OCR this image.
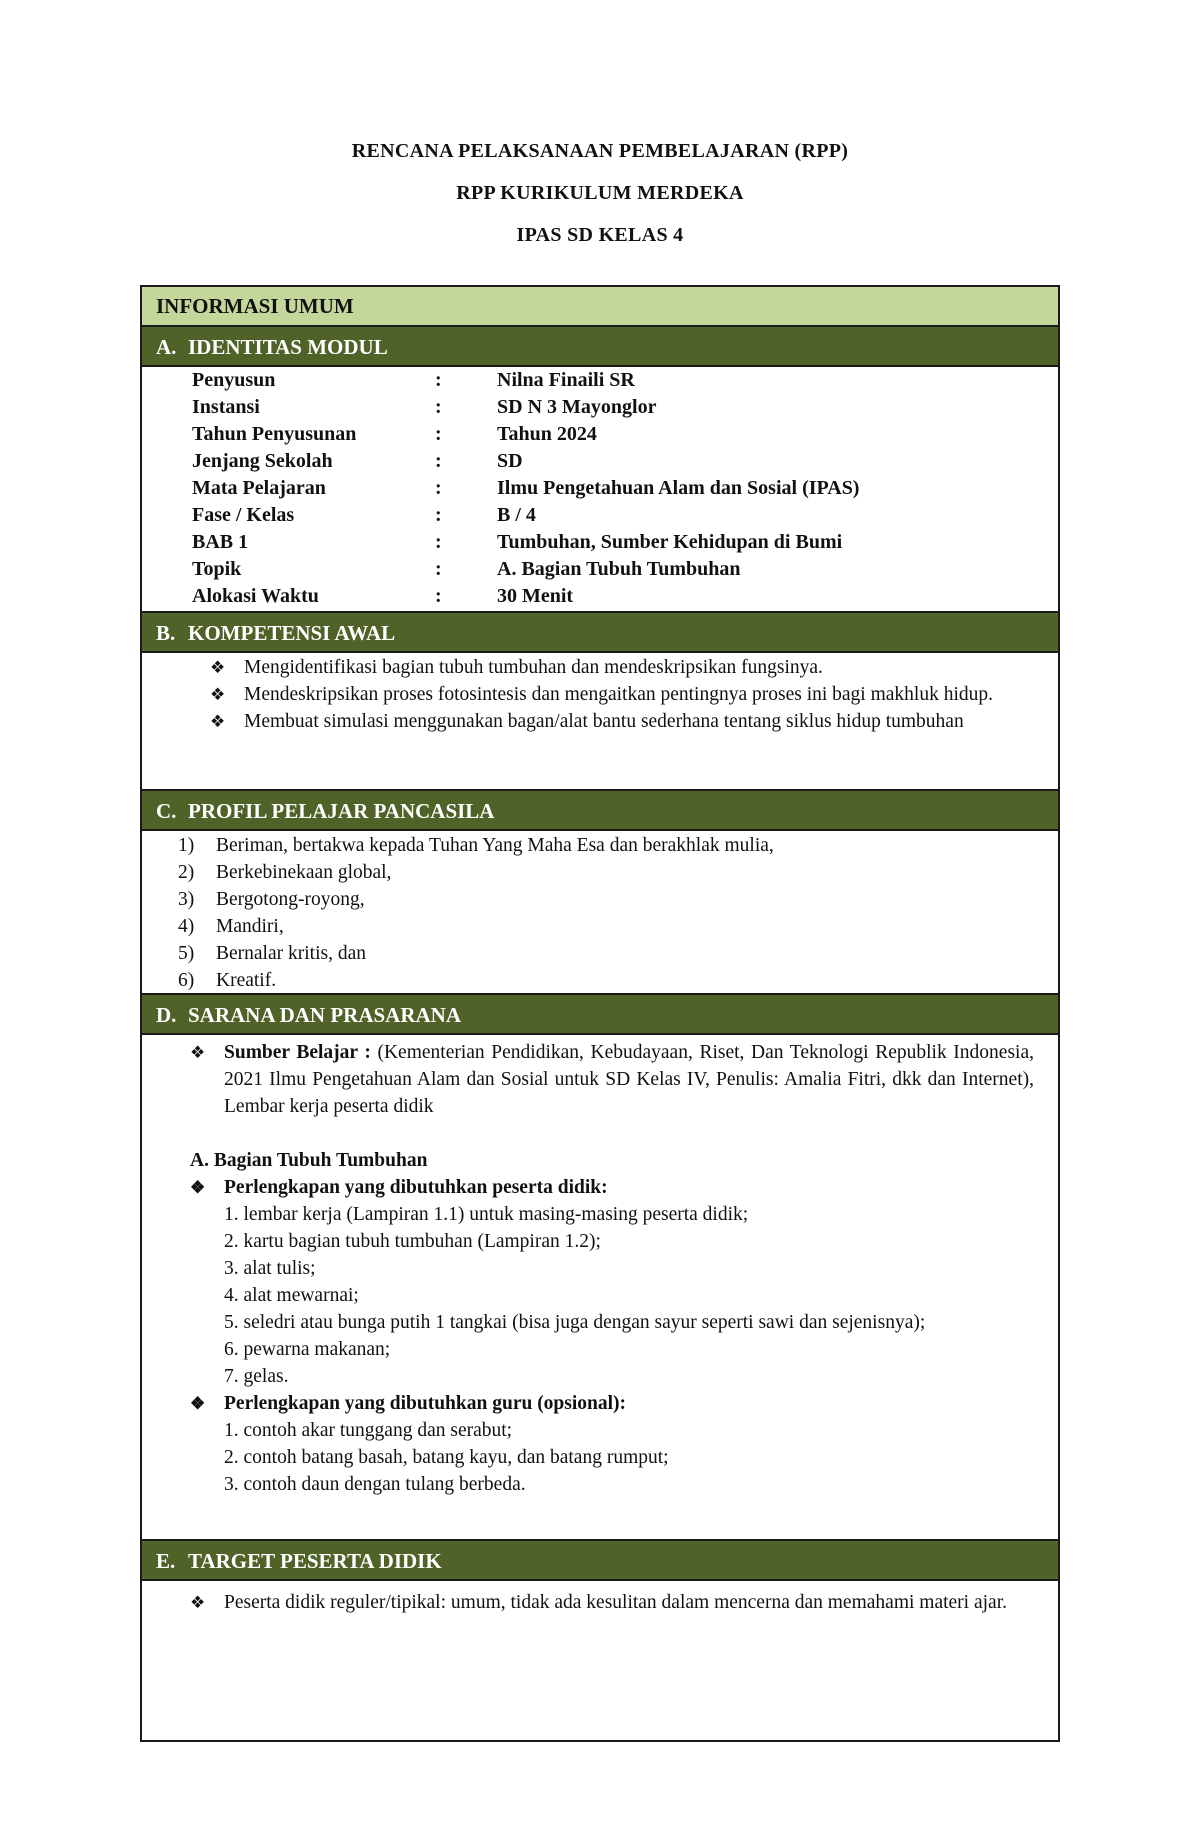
RENCANA PELAKSANAAN PEMBELAJARAN (RPP)
RPP KURIKULUM MERDEKA
IPAS SD KELAS 4
INFORMASI UMUM
A. IDENTITAS MODUL
Penyusun	:	Nilna Finaili SR
Instansi	:	SD N 3 Mayonglor
Tahun Penyusunan	:	Tahun 2024
Jenjang Sekolah	:	SD
Mata Pelajaran	:	Ilmu Pengetahuan Alam dan Sosial (IPAS)
Fase / Kelas	:	B / 4
BAB 1	:	Tumbuhan, Sumber Kehidupan di Bumi
Topik	:	A. Bagian Tubuh Tumbuhan
Alokasi Waktu	:	30 Menit
B. KOMPETENSI AWAL
❖ Mengidentifikasi bagian tubuh tumbuhan dan mendeskripsikan fungsinya.
❖ Mendeskripsikan proses fotosintesis dan mengaitkan pentingnya proses ini bagi makhluk hidup.
❖ Membuat simulasi menggunakan bagan/alat bantu sederhana tentang siklus hidup tumbuhan
C. PROFIL PELAJAR PANCASILA
1) Beriman, bertakwa kepada Tuhan Yang Maha Esa dan berakhlak mulia,
2) Berkebinekaan global,
3) Bergotong-royong,
4) Mandiri,
5) Bernalar kritis, dan
6) Kreatif.
D. SARANA DAN PRASARANA
❖ Sumber Belajar : (Kementerian Pendidikan, Kebudayaan, Riset, Dan Teknologi Republik Indonesia, 2021 Ilmu Pengetahuan Alam dan Sosial untuk SD Kelas IV, Penulis: Amalia Fitri, dkk dan Internet), Lembar kerja peserta didik
A. Bagian Tubuh Tumbuhan
❖ Perlengkapan yang dibutuhkan peserta didik:
1. lembar kerja (Lampiran 1.1) untuk masing-masing peserta didik;
2. kartu bagian tubuh tumbuhan (Lampiran 1.2);
3. alat tulis;
4. alat mewarnai;
5. seledri atau bunga putih 1 tangkai (bisa juga dengan sayur seperti sawi dan sejenisnya);
6. pewarna makanan;
7. gelas.
❖ Perlengkapan yang dibutuhkan guru (opsional):
1. contoh akar tunggang dan serabut;
2. contoh batang basah, batang kayu, dan batang rumput;
3. contoh daun dengan tulang berbeda.
E. TARGET PESERTA DIDIK
❖ Peserta didik reguler/tipikal: umum, tidak ada kesulitan dalam mencerna dan memahami materi ajar.
